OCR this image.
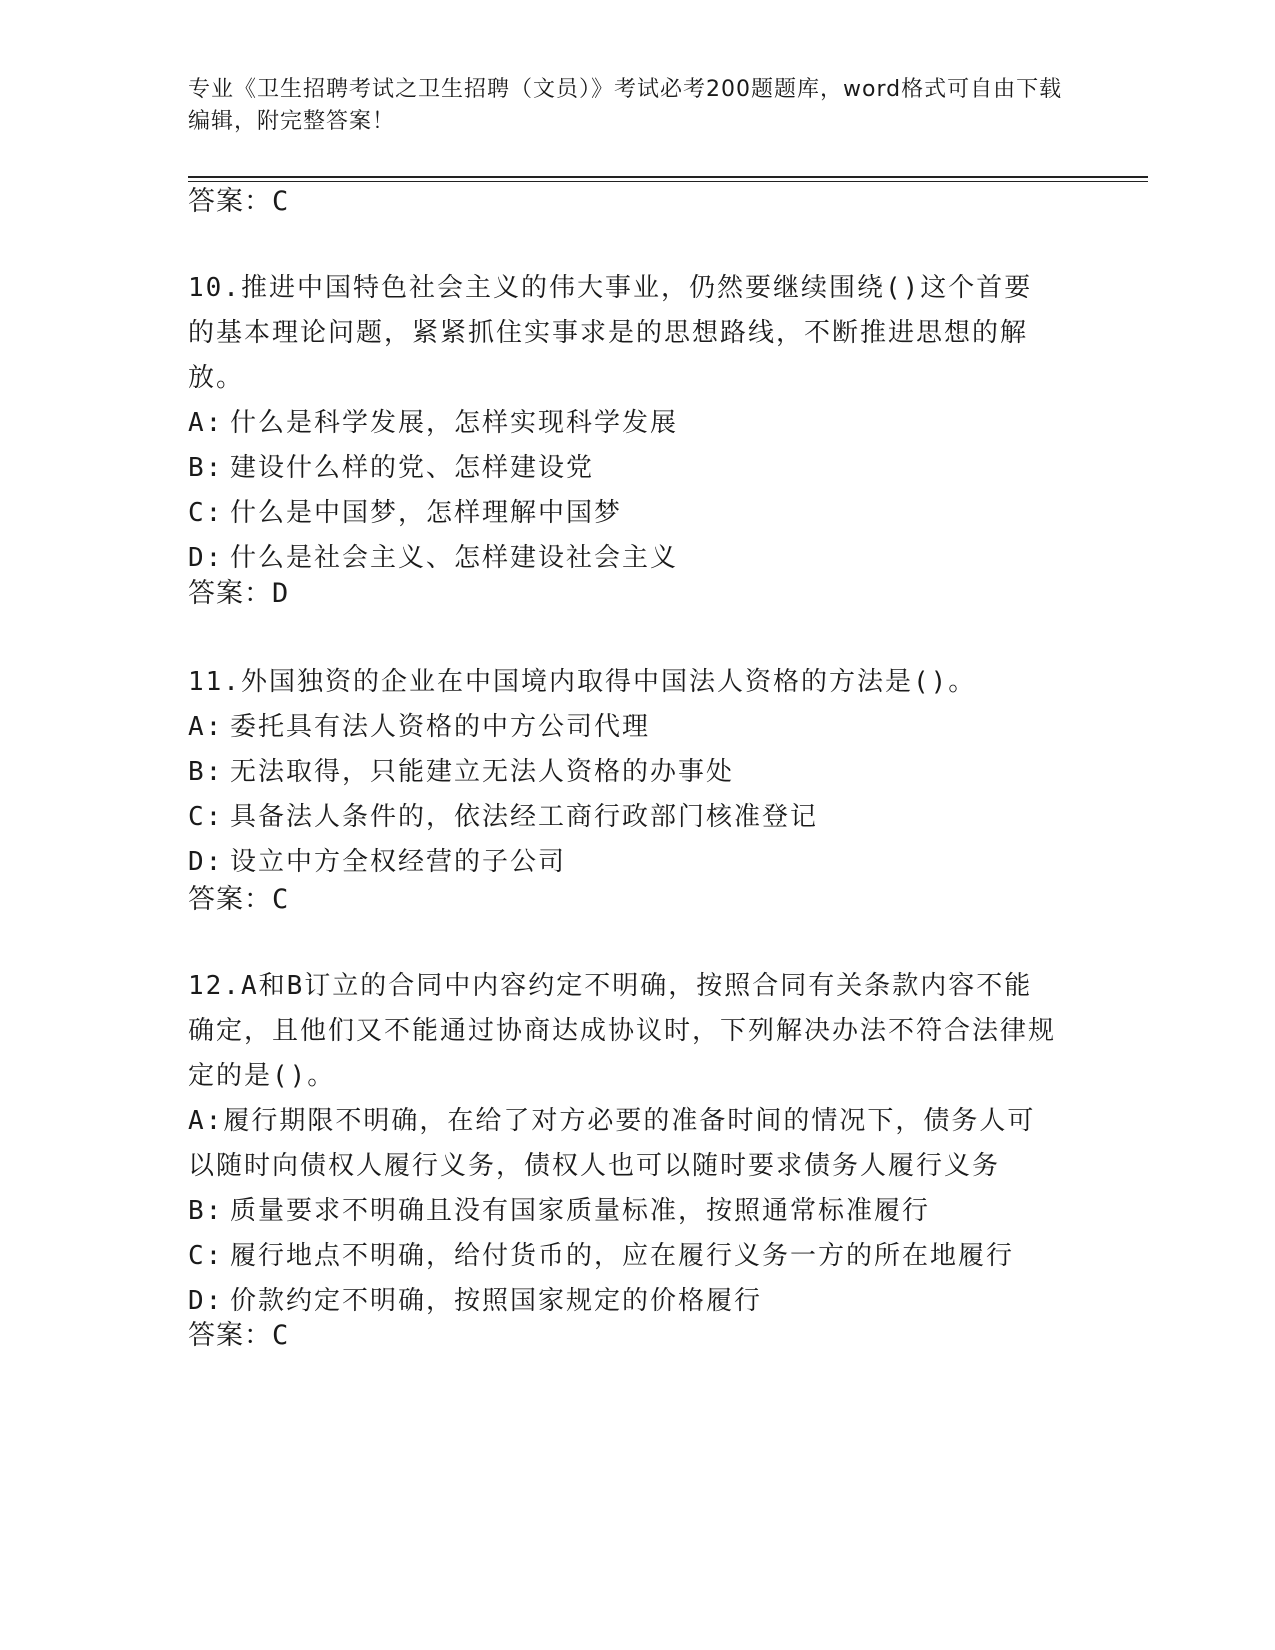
专业《卫生招聘考试之卫生招聘（文员）》考试必考200题题库，word格式可自由下载编辑，附完整答案！
答案：C

10.推进中国特色社会主义的伟大事业，仍然要继续围绕()这个首要的基本理论问题，紧紧抓住实事求是的思想路线，不断推进思想的解放。

A: 什么是科学发展，怎样实现科学发展

B: 建设什么样的党、怎样建设党

C: 什么是中国梦，怎样理解中国梦

D: 什么是社会主义、怎样建设社会主义

答案：D

11.外国独资的企业在中国境内取得中国法人资格的方法是()。

A: 委托具有法人资格的中方公司代理

B: 无法取得，只能建立无法人资格的办事处

C: 具备法人条件的，依法经工商行政部门核准登记

D: 设立中方全权经营的子公司

答案：C

12.A和B订立的合同中内容约定不明确，按照合同有关条款内容不能确定，且他们又不能通过协商达成协议时，下列解决办法不符合法律规定的是()。

A:履行期限不明确，在给了对方必要的准备时间的情况下，债务人可以随时向债权人履行义务，债权人也可以随时要求债务人履行义务

B: 质量要求不明确且没有国家质量标准，按照通常标准履行

C: 履行地点不明确，给付货币的，应在履行义务一方的所在地履行

D: 价款约定不明确，按照国家规定的价格履行

答案：C
